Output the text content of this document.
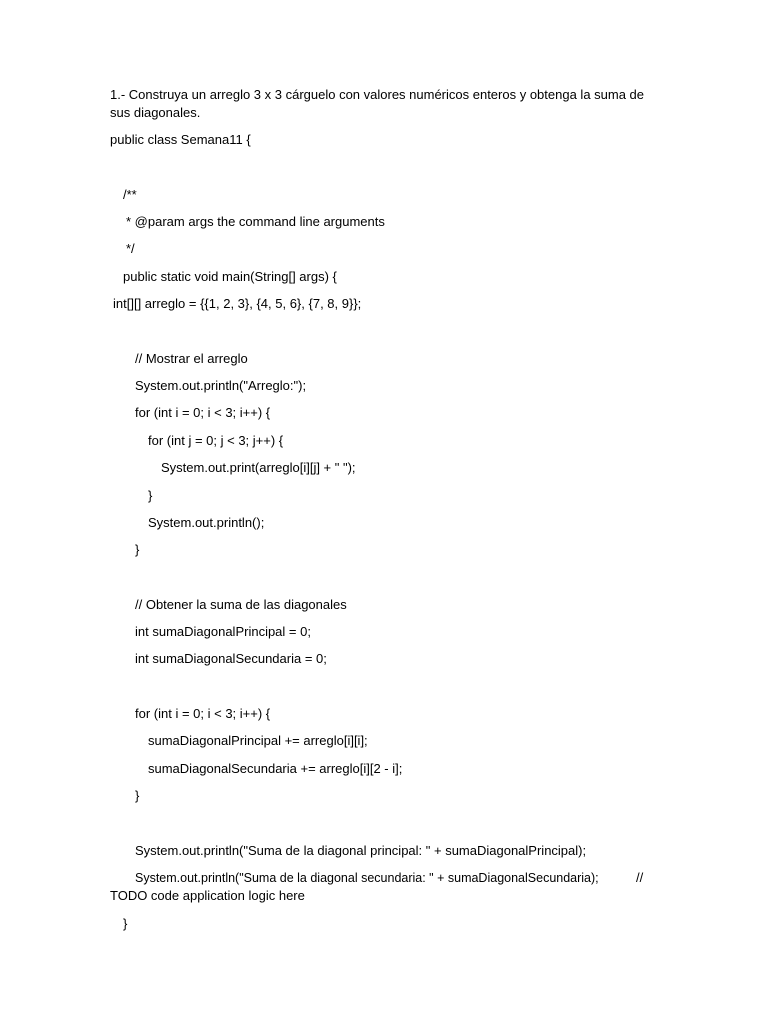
1.- Construya un arreglo 3 x 3 cárguelo con valores numéricos enteros y obtenga la suma de sus diagonales.
public class Semana11 {
/**
* @param args the command line arguments
*/
public static void main(String[] args) {
int[][] arreglo = {{1, 2, 3}, {4, 5, 6}, {7, 8, 9}};
// Mostrar el arreglo
System.out.println("Arreglo:");
for (int i = 0; i < 3; i++) {
for (int j = 0; j < 3; j++) {
System.out.print(arreglo[i][j] + " ");
}
System.out.println();
}
// Obtener la suma de las diagonales
int sumaDiagonalPrincipal = 0;
int sumaDiagonalSecundaria = 0;
for (int i = 0; i < 3; i++) {
sumaDiagonalPrincipal += arreglo[i][i];
sumaDiagonalSecundaria += arreglo[i][2 - i];
}
System.out.println("Suma de la diagonal principal: " + sumaDiagonalPrincipal);
System.out.println("Suma de la diagonal secundaria: " + sumaDiagonalSecundaria);	//
TODO code application logic here
}
